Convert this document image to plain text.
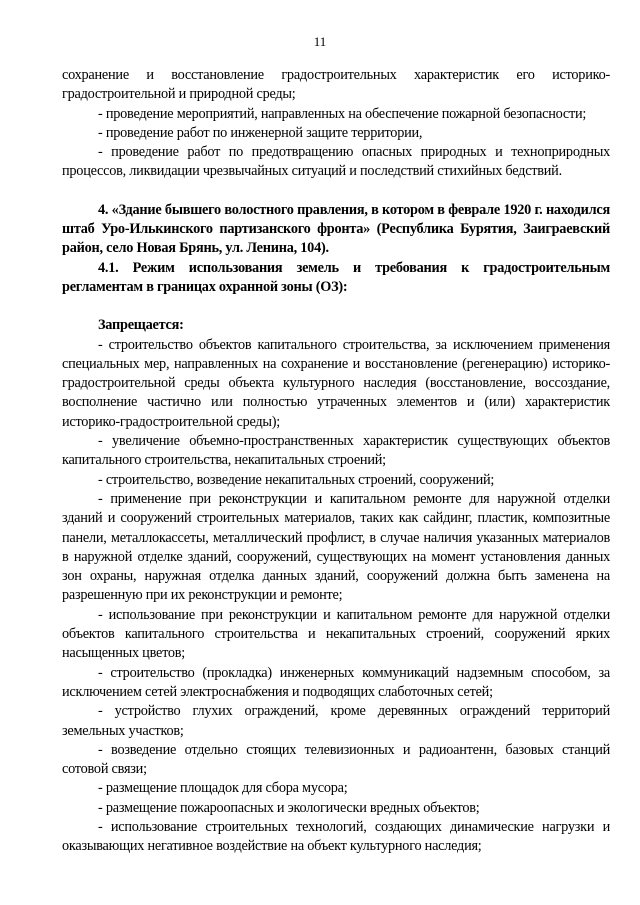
11

сохранение и восстановление градостроительных характеристик его историко-градостроительной и природной среды;

- проведение мероприятий, направленных на обеспечение пожарной безопасности;

- проведение работ по инженерной защите территории,

- проведение работ по предотвращению опасных природных и технoприродных процессов, ликвидации чрезвычайных ситуаций и последствий стихийных бедствий.

4. «Здание бывшего волостного правления, в котором в феврале 1920 г. находился штаб Уро-Илькинского партизанского фронта» (Республика Бурятия, Заиграевский район, село Новая Брянь, ул. Ленина, 104).

4.1. Режим использования земель и требования к градостроительным регламентам в границах охранной зоны (ОЗ):

Запрещается:

- строительство объектов капитального строительства, за исключением применения специальных мер, направленных на сохранение и восстановление (регенерацию) историко-градостроительной среды объекта культурного наследия (восстановление, воссоздание, восполнение частично или полностью утраченных элементов и (или) характеристик историко-градостроительной среды);

- увеличение объемно-пространственных характеристик существующих объектов капитального строительства, некапитальных строений;

- строительство, возведение некапитальных строений, сооружений;

- применение при реконструкции и капитальном ремонте для наружной отделки зданий и сооружений строительных материалов, таких как сайдинг, пластик, композитные панели, металлокассеты, металлический профлист, в случае наличия указанных материалов в наружной отделке зданий, сооружений, существующих на момент установления данных зон охраны, наружная отделка данных зданий, сооружений должна быть заменена на разрешенную при их реконструкции и ремонте;

- использование при реконструкции и капитальном ремонте для наружной отделки объектов капитального строительства и некапитальных строений, сооружений ярких насыщенных цветов;

- строительство (прокладка) инженерных коммуникаций надземным способом, за исключением сетей электроснабжения и подводящих слаботочных сетей;

- устройство глухих ограждений, кроме деревянных ограждений территорий земельных участков;

- возведение отдельно стоящих телевизионных и радиоантенн, базовых станций сотовой связи;

- размещение площадок для сбора мусора;

- размещение пожароопасных и экологически вредных объектов;

- использование строительных технологий, создающих динамические нагрузки и оказывающих негативное воздействие на объект культурного наследия;
